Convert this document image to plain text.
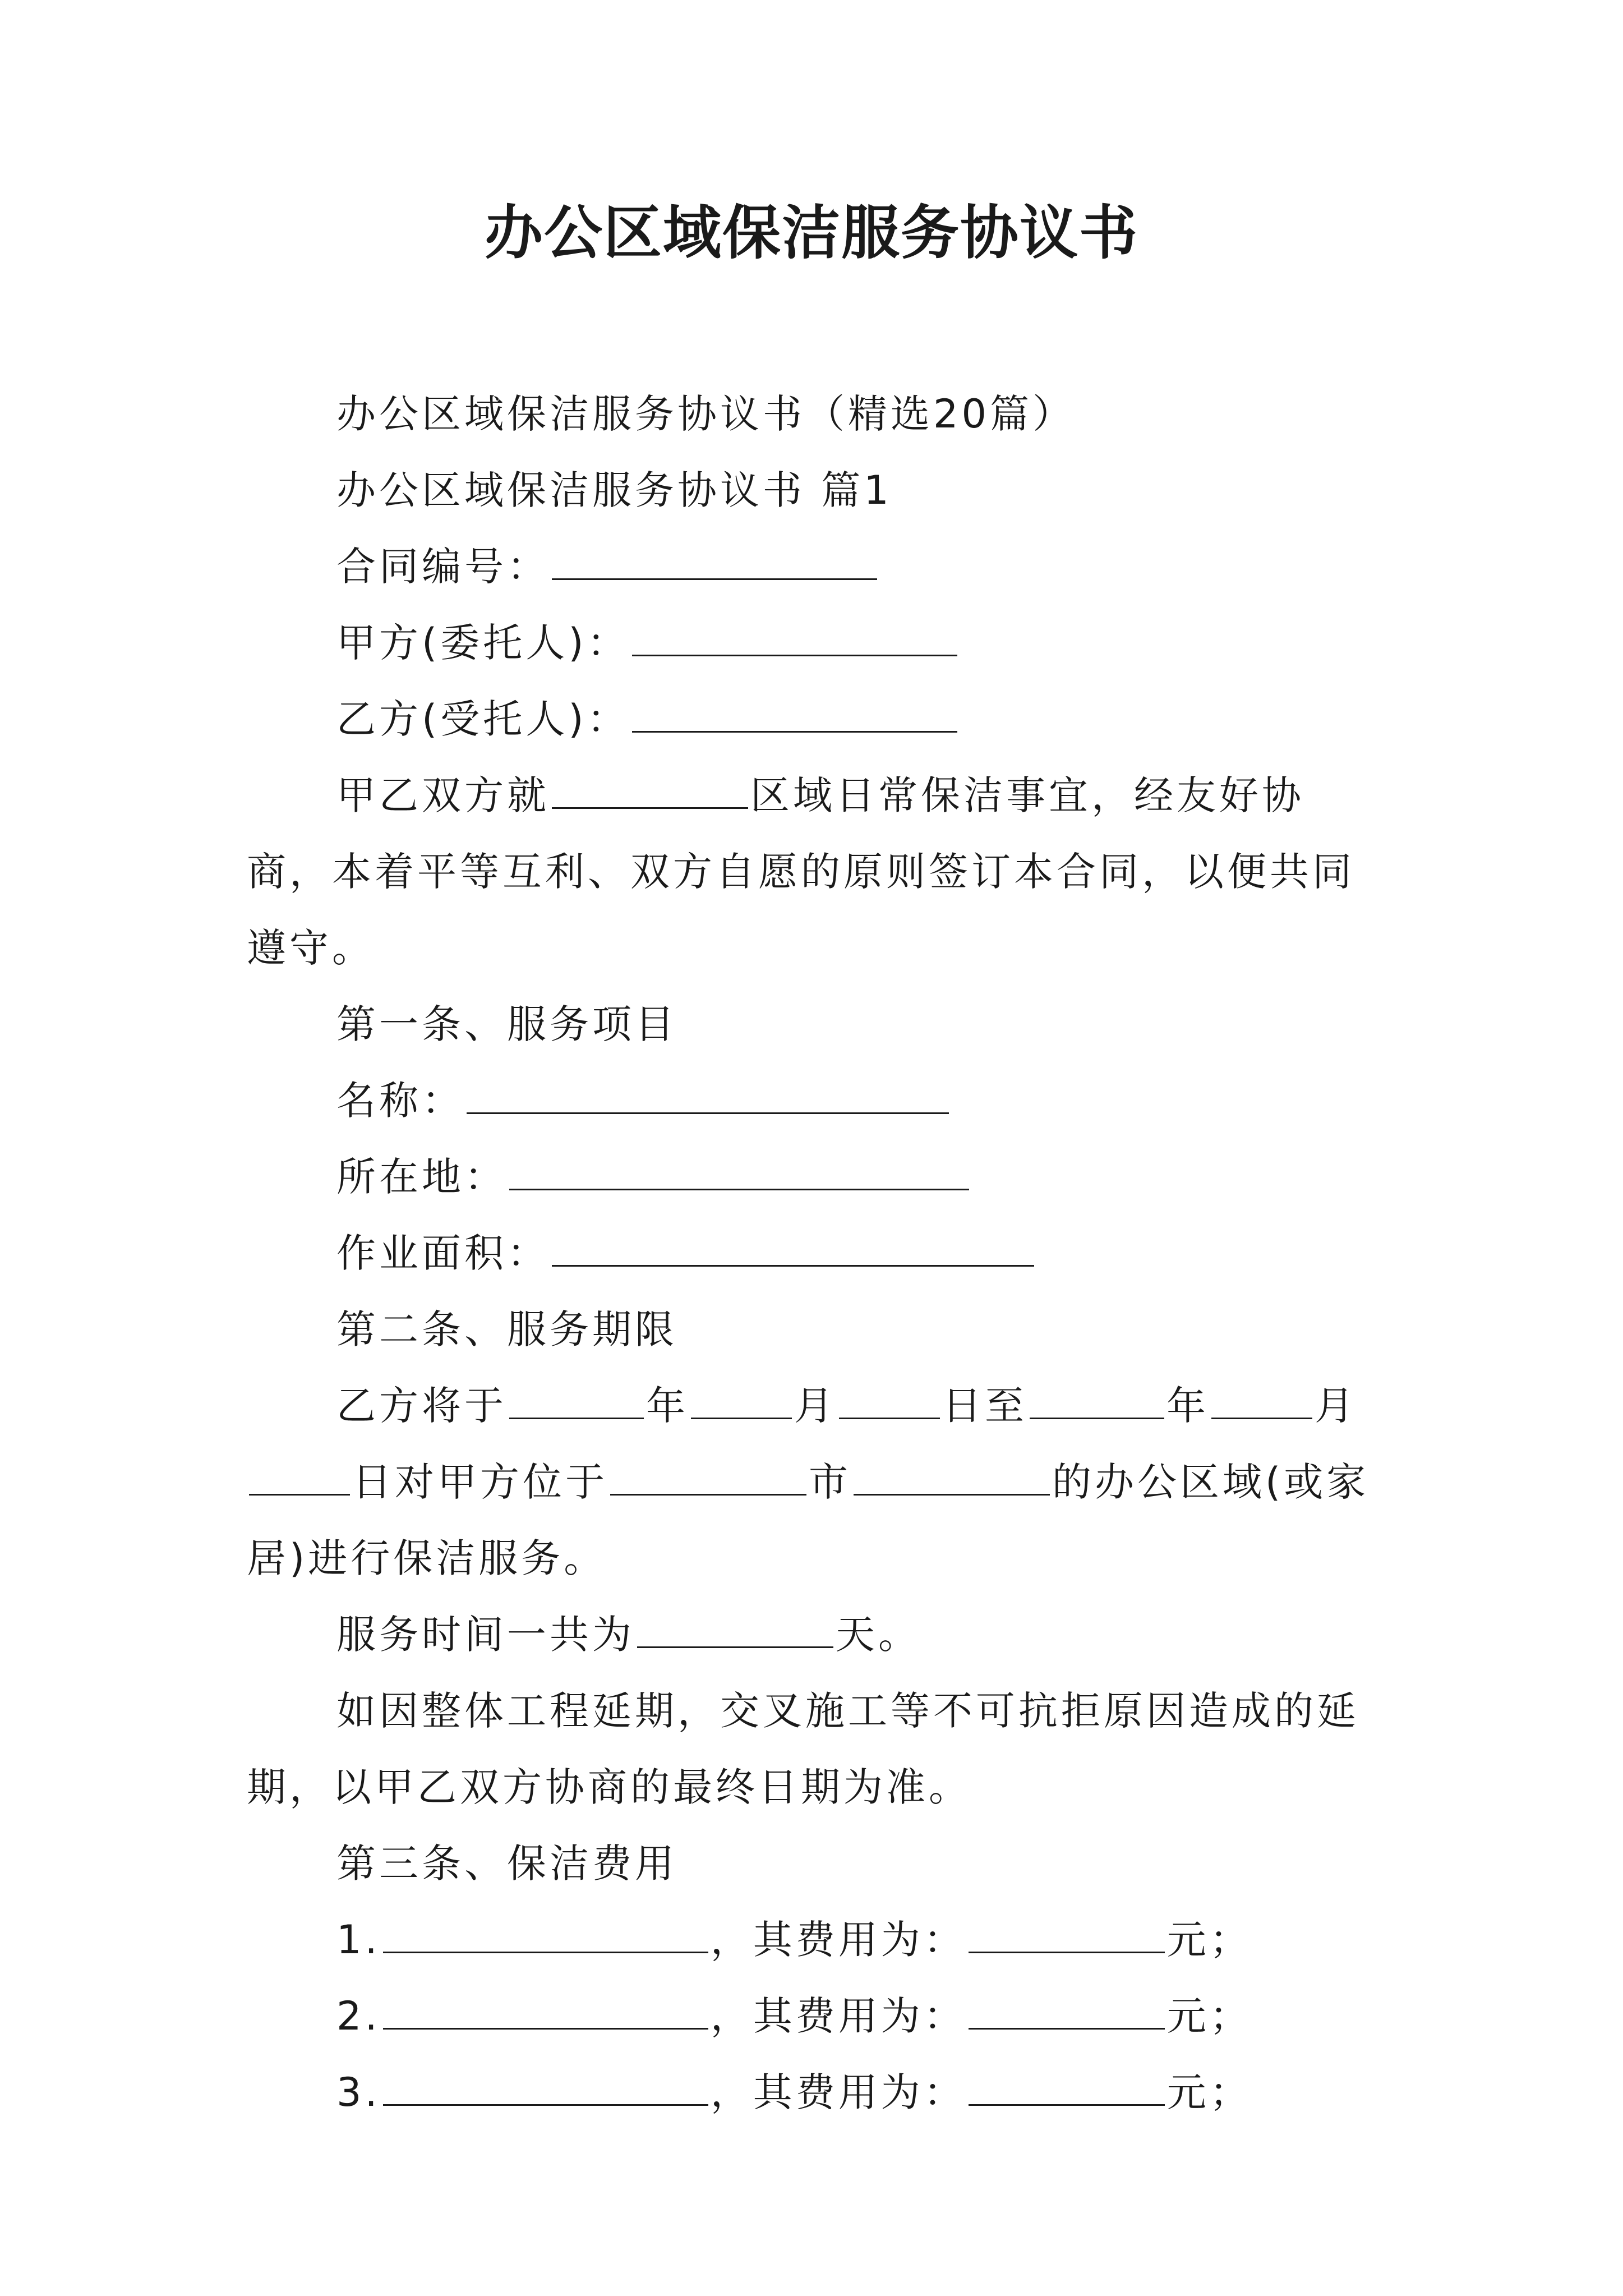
办公区域保洁服务协议书

办公区域保洁服务协议书（精选20篇）

办公区域保洁服务协议书 篇1

合同编号：

甲方(委托人)：

乙方(受托人)：

甲乙双方就	区域日常保洁事宜，经友好协商，本着平等互利、双方自愿的原则签订本合同，以便共同遵守。

第一条、服务项目

名称：

所在地：

作业面积：

第二条、服务期限

乙方将于	年	月	日至	年	月日对甲方位于	市	的办公区域(或家居)进行保洁服务。

服务时间一共为	天。

如因整体工程延期，交叉施工等不可抗拒原因造成的延期，以甲乙双方协商的最终日期为准。

第三条、保洁费用

1.	，其费用为：	元；

2.	，其费用为：	元；

3.	，其费用为：	元；
